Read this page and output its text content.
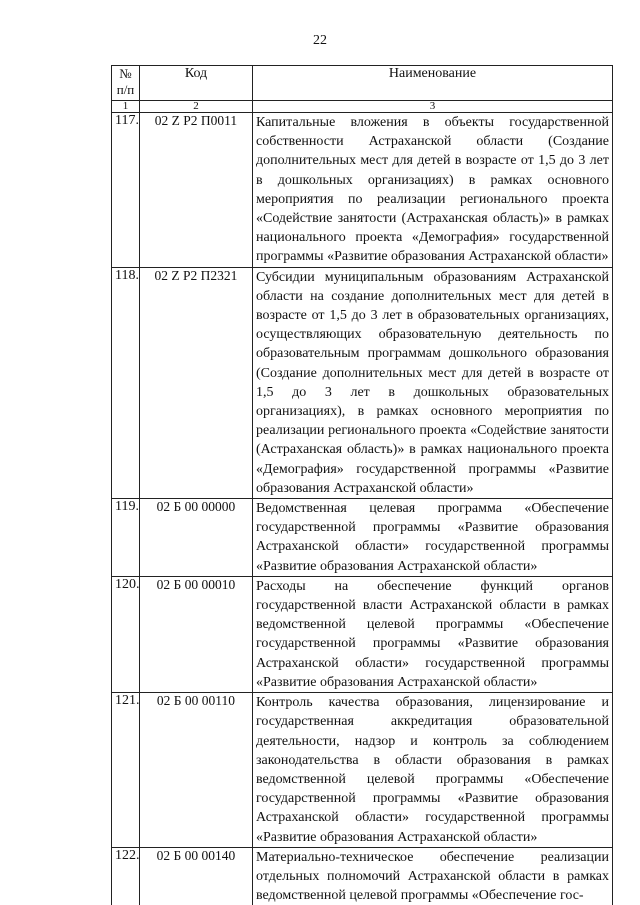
22
№ п/п	Код	Наименование
1	2	3
117.	02 Z P2 П0011	Капитальные вложения в объекты государственной собственности Астраханской области (Создание дополнительных мест для детей в возрасте от 1,5 до 3 лет в дошкольных организациях) в рамках основного мероприятия по реализации регионального проекта «Содействие занятости (Астраханская область)» в рамках национального проекта «Демография» государственной программы «Развитие образования Астраханской области»
118.	02 Z P2 П2321	Субсидии муниципальным образованиям Астраханской области на создание дополнительных мест для детей в возрасте от 1,5 до 3 лет в образовательных организациях, осуществляющих образовательную деятельность по образовательным программам дошкольного образования (Создание дополнительных мест для детей в возрасте от 1,5 до 3 лет в дошкольных образовательных организациях), в рамках основного мероприятия по реализации регионального проекта «Содействие занятости (Астраханская область)» в рамках национального проекта «Демография» государственной программы «Развитие образования Астраханской области»
119.	02 Б 00 00000	Ведомственная целевая программа «Обеспечение государственной программы «Развитие образования Астраханской области» государственной программы «Развитие образования Астраханской области»
120.	02 Б 00 00010	Расходы на обеспечение функций органов государственной власти Астраханской области в рамках ведомственной целевой программы «Обеспечение государственной программы «Развитие образования Астраханской области» государственной программы «Развитие образования Астраханской области»
121.	02 Б 00 00110	Контроль качества образования, лицензирование и государственная аккредитация образовательной деятельности, надзор и контроль за соблюдением законодательства в области образования в рамках ведомственной целевой программы «Обеспечение государственной программы «Развитие образования Астраханской области» государственной программы «Развитие образования Астраханской области»
122.	02 Б 00 00140	Материально-техническое обеспечение реализации отдельных полномочий Астраханской области в рамках ведомственной целевой программы «Обеспечение гос-
